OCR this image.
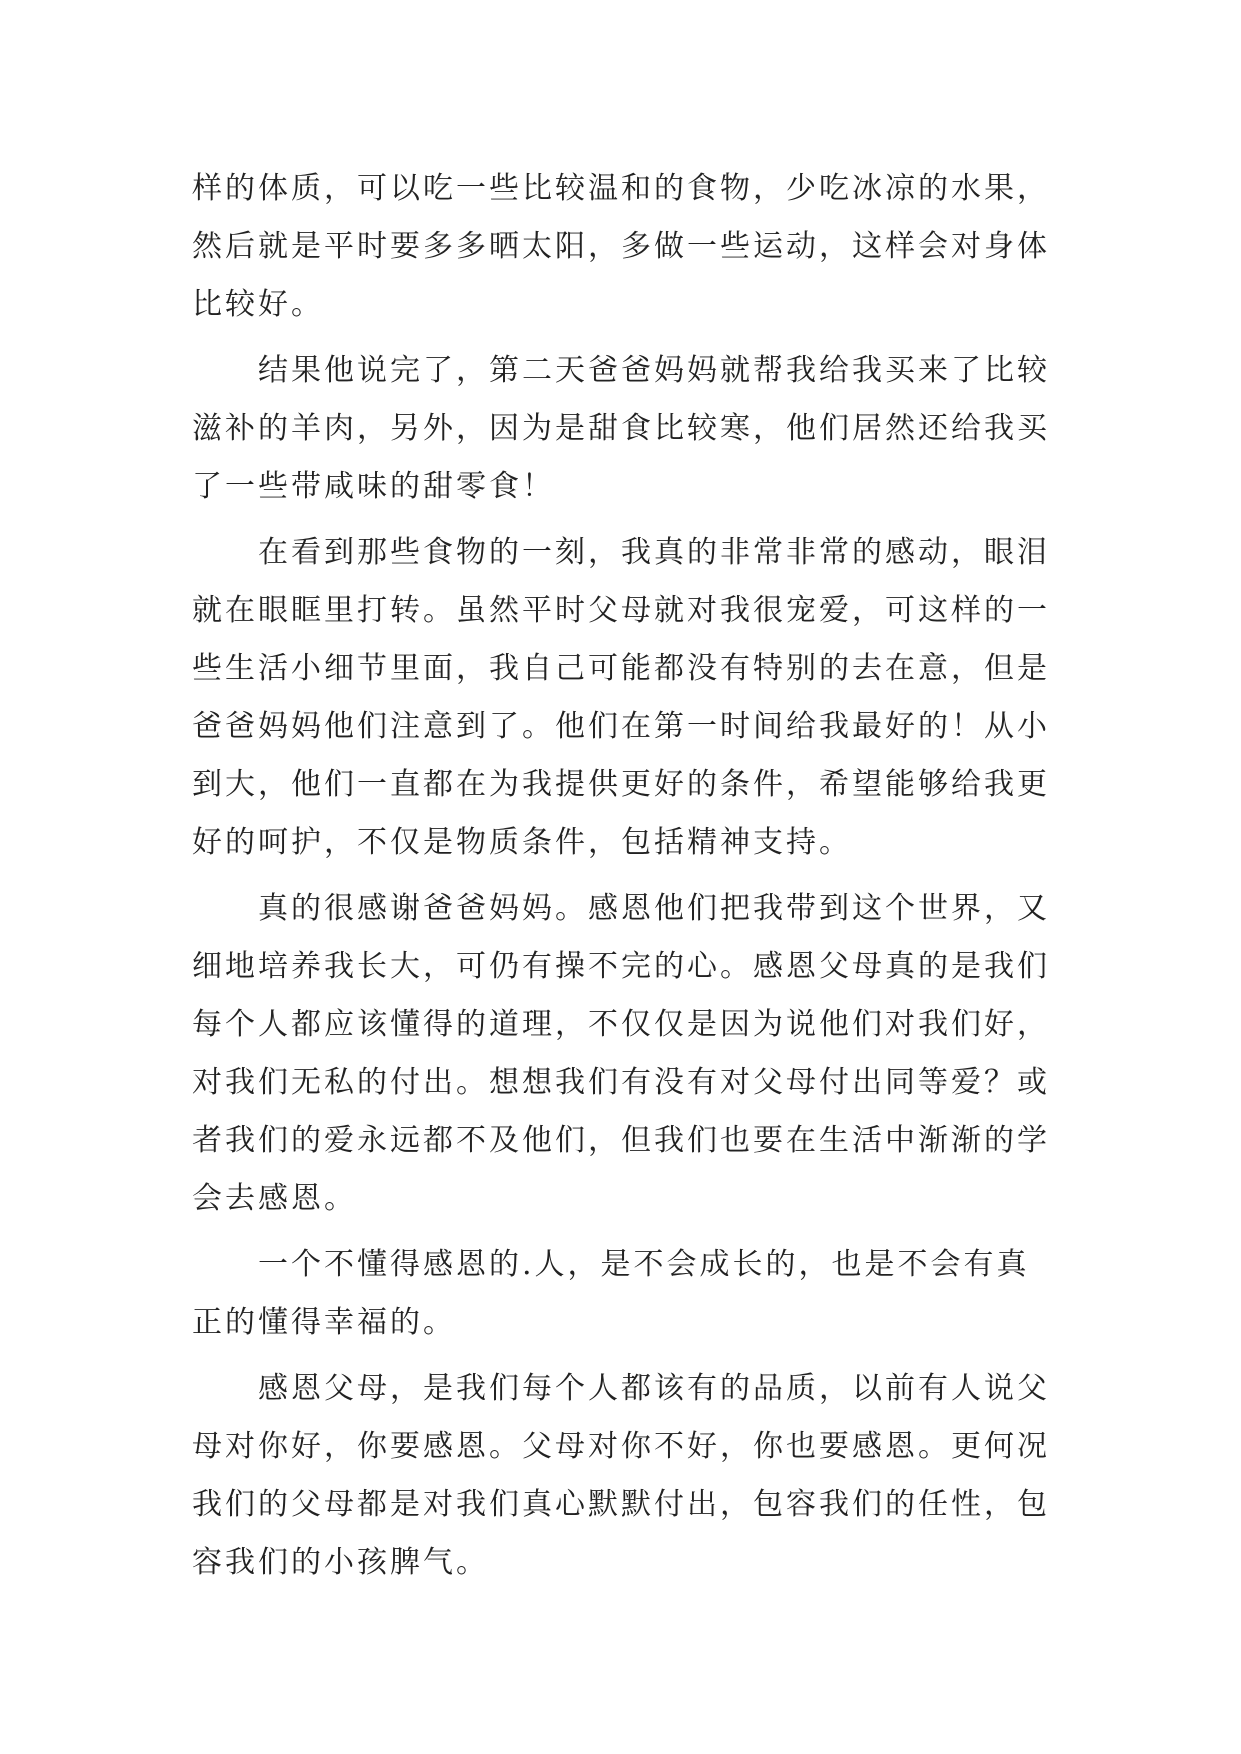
样的体质，可以吃一些比较温和的食物，少吃冰凉的水果，
然后就是平时要多多晒太阳，多做一些运动，这样会对身体
比较好。
结果他说完了，第二天爸爸妈妈就帮我给我买来了比较
滋补的羊肉，另外，因为是甜食比较寒，他们居然还给我买
了一些带咸味的甜零食！
在看到那些食物的一刻，我真的非常非常的感动，眼泪
就在眼眶里打转。虽然平时父母就对我很宠爱，可这样的一
些生活小细节里面，我自己可能都没有特别的去在意，但是
爸爸妈妈他们注意到了。他们在第一时间给我最好的！从小
到大，他们一直都在为我提供更好的条件，希望能够给我更
好的呵护，不仅是物质条件，包括精神支持。
真的很感谢爸爸妈妈。感恩他们把我带到这个世界，又
细地培养我长大，可仍有操不完的心。感恩父母真的是我们
每个人都应该懂得的道理，不仅仅是因为说他们对我们好，
对我们无私的付出。想想我们有没有对父母付出同等爱？或
者我们的爱永远都不及他们，但我们也要在生活中渐渐的学
会去感恩。
一个不懂得感恩的.人，是不会成长的，也是不会有真
正的懂得幸福的。
感恩父母，是我们每个人都该有的品质，以前有人说父
母对你好，你要感恩。父母对你不好，你也要感恩。更何况
我们的父母都是对我们真心默默付出，包容我们的任性，包
容我们的小孩脾气。
